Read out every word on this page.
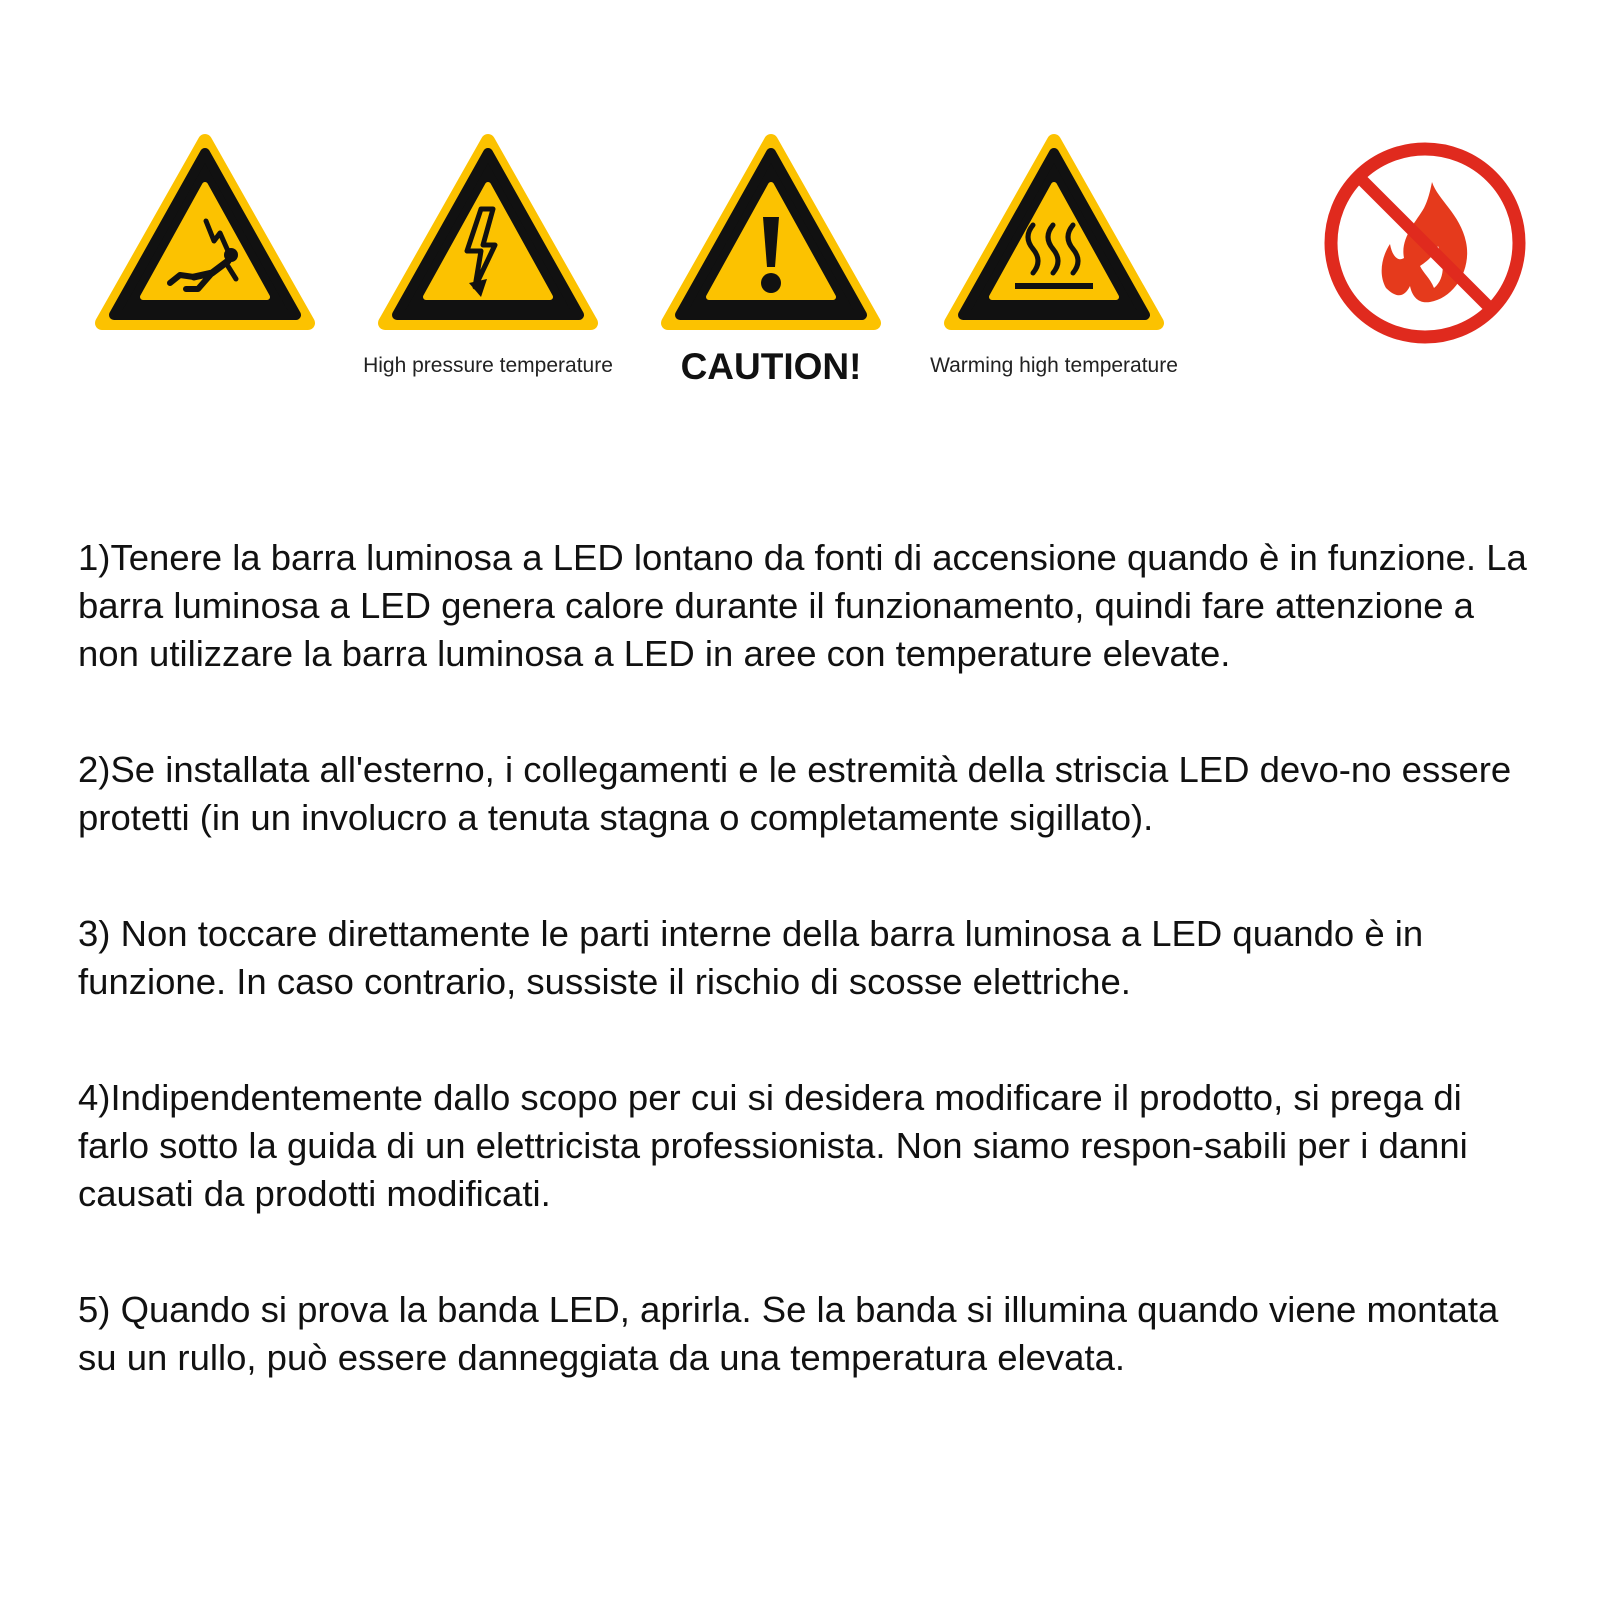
High pressure temperature	CAUTION!	Warming high temperature
1)Tenere la barra luminosa a LED lontano da fonti di accensione quando è in funzione. La barra luminosa a LED genera calore durante il funzionamento, quindi fare attenzione a non utilizzare la barra luminosa a LED in aree con temperature elevate.
2)Se installata all'esterno, i collegamenti e le estremità della striscia LED devo-no essere protetti (in un involucro a tenuta stagna o completamente sigillato).
3) Non toccare direttamente le parti interne della barra luminosa a LED quando è in funzione. In caso contrario, sussiste il rischio di scosse elettriche.
4)Indipendentemente dallo scopo per cui si desidera modificare il prodotto, si prega di farlo sotto la guida di un elettricista professionista. Non siamo respon-sabili per i danni causati da prodotti modificati.
5) Quando si prova la banda LED, aprirla. Se la banda si illumina quando viene montata su un rullo, può essere danneggiata da una temperatura elevata.
